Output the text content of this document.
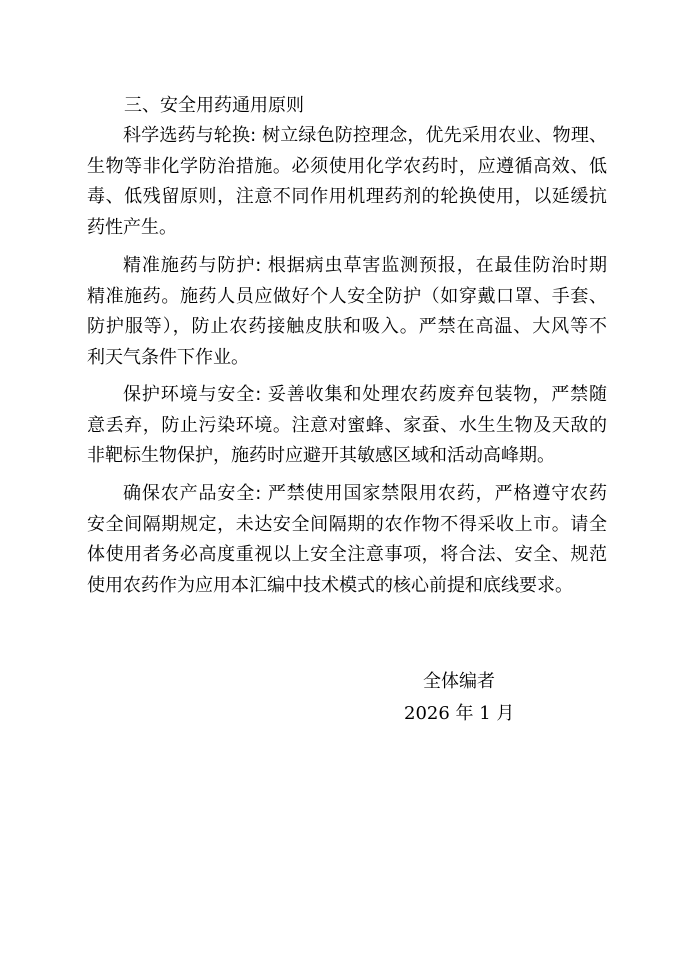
三、安全用药通用原则
科学选药与轮换: 树立绿色防控理念，优先采用农业、物理、
生物等非化学防治措施。必须使用化学农药时，应遵循高效、低
毒、低残留原则，注意不同作用机理药剂的轮换使用，以延缓抗
药性产生。
精准施药与防护: 根据病虫草害监测预报，在最佳防治时期
精准施药。施药人员应做好个人安全防护（如穿戴口罩、手套、
防护服等），防止农药接触皮肤和吸入。严禁在高温、大风等不
利天气条件下作业。
保护环境与安全: 妥善收集和处理农药废弃包装物，严禁随
意丢弃，防止污染环境。注意对蜜蜂、家蚕、水生生物及天敌的
非靶标生物保护，施药时应避开其敏感区域和活动高峰期。
确保农产品安全: 严禁使用国家禁限用农药，严格遵守农药
安全间隔期规定，未达安全间隔期的农作物不得采收上市。请全
体使用者务必高度重视以上安全注意事项，将合法、安全、规范
使用农药作为应用本汇编中技术模式的核心前提和底线要求。
全体编者
2026 年 1 月
